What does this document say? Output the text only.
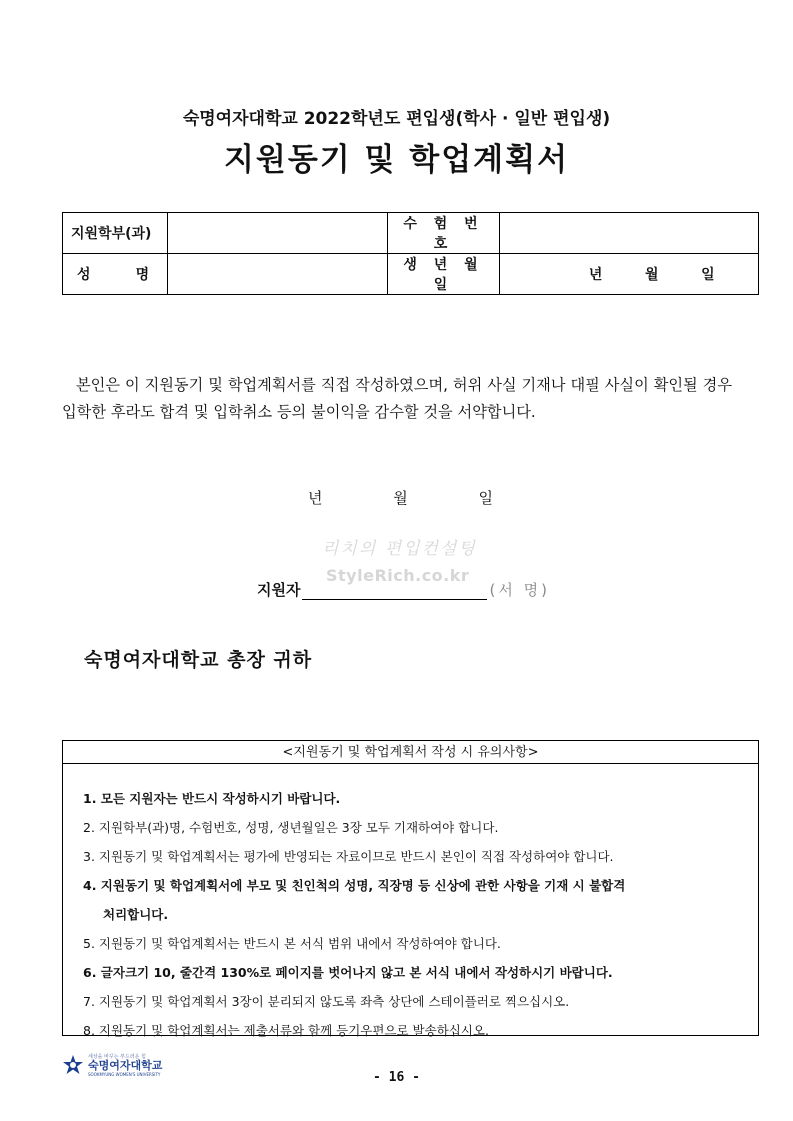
숙명여자대학교 2022학년도 편입생(학사 · 일반 편입생)
지원동기 및 학업계획서
지원학부(과)		수 험 번 호	

성 명		생 년 월 일	년 월 일
본인은 이 지원동기 및 학업계획서를 직접 작성하였으며, 허위 사실 기재나 대필 사실이 확인될 경우 입학한 후라도 합격 및 입학취소 등의 불이익을 감수할 것을 서약합니다.
년	월	일
리치의 편입컨설팅
StyleRich.co.kr
지원자	(서 명)
숙명여자대학교 총장 귀하
<지원동기 및 학업계획서 작성 시 유의사항>
1. 모든 지원자는 반드시 작성하시기 바랍니다.
2. 지원학부(과)명, 수험번호, 성명, 생년월일은 3장 모두 기재하여야 합니다.
3. 지원동기 및 학업계획서는 평가에 반영되는 자료이므로 반드시 본인이 직접 작성하여야 합니다.
4. 지원동기 및 학업계획서에 부모 및 친인척의 성명, 직장명 등 신상에 관한 사항을 기재 시 불합격
처리합니다.
5. 지원동기 및 학업계획서는 반드시 본 서식 범위 내에서 작성하여야 합니다.
6. 글자크기 10, 줄간격 130%로 페이지를 벗어나지 않고 본 서식 내에서 작성하시기 바랍니다.
7. 지원동기 및 학업계획서 3장이 분리되지 않도록 좌측 상단에 스테이플러로 찍으십시오.
8. 지원동기 및 학업계획서는 제출서류와 함께 등기우편으로 발송하십시오.
세상을 바꾸는 부드러운 힘
숙명여자대학교
SOOKMYUNG WOMEN'S UNIVERSITY	- 16 -
